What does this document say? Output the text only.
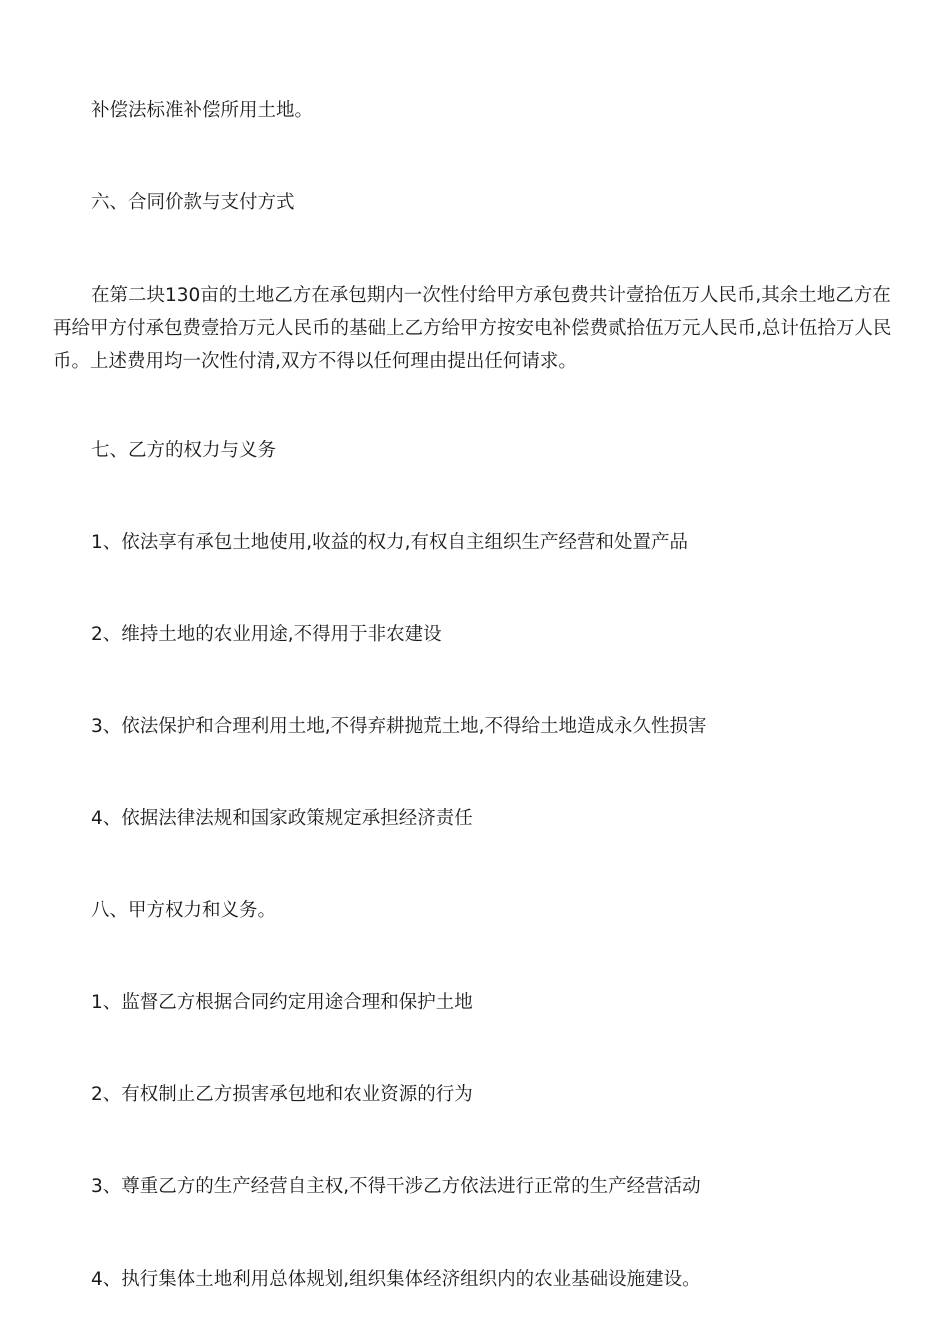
补偿法标准补偿所用土地。

六、合同价款与支付方式

在第二块130亩的土地乙方在承包期内一次性付给甲方承包费共计壹拾伍万人民币,其余土地乙方在再给甲方付承包费壹拾万元人民币的基础上乙方给甲方按安电补偿费贰拾伍万元人民币,总计伍拾万人民币。上述费用均一次性付清,双方不得以任何理由提出任何请求。

七、乙方的权力与义务

1、依法享有承包土地使用,收益的权力,有权自主组织生产经营和处置产品

2、维持土地的农业用途,不得用于非农建设

3、依法保护和合理利用土地,不得弃耕抛荒土地,不得给土地造成永久性损害

4、依据法律法规和国家政策规定承担经济责任

八、甲方权力和义务。

1、监督乙方根据合同约定用途合理和保护土地

2、有权制止乙方损害承包地和农业资源的行为

3、尊重乙方的生产经营自主权,不得干涉乙方依法进行正常的生产经营活动

4、执行集体土地利用总体规划,组织集体经济组织内的农业基础设施建设。
